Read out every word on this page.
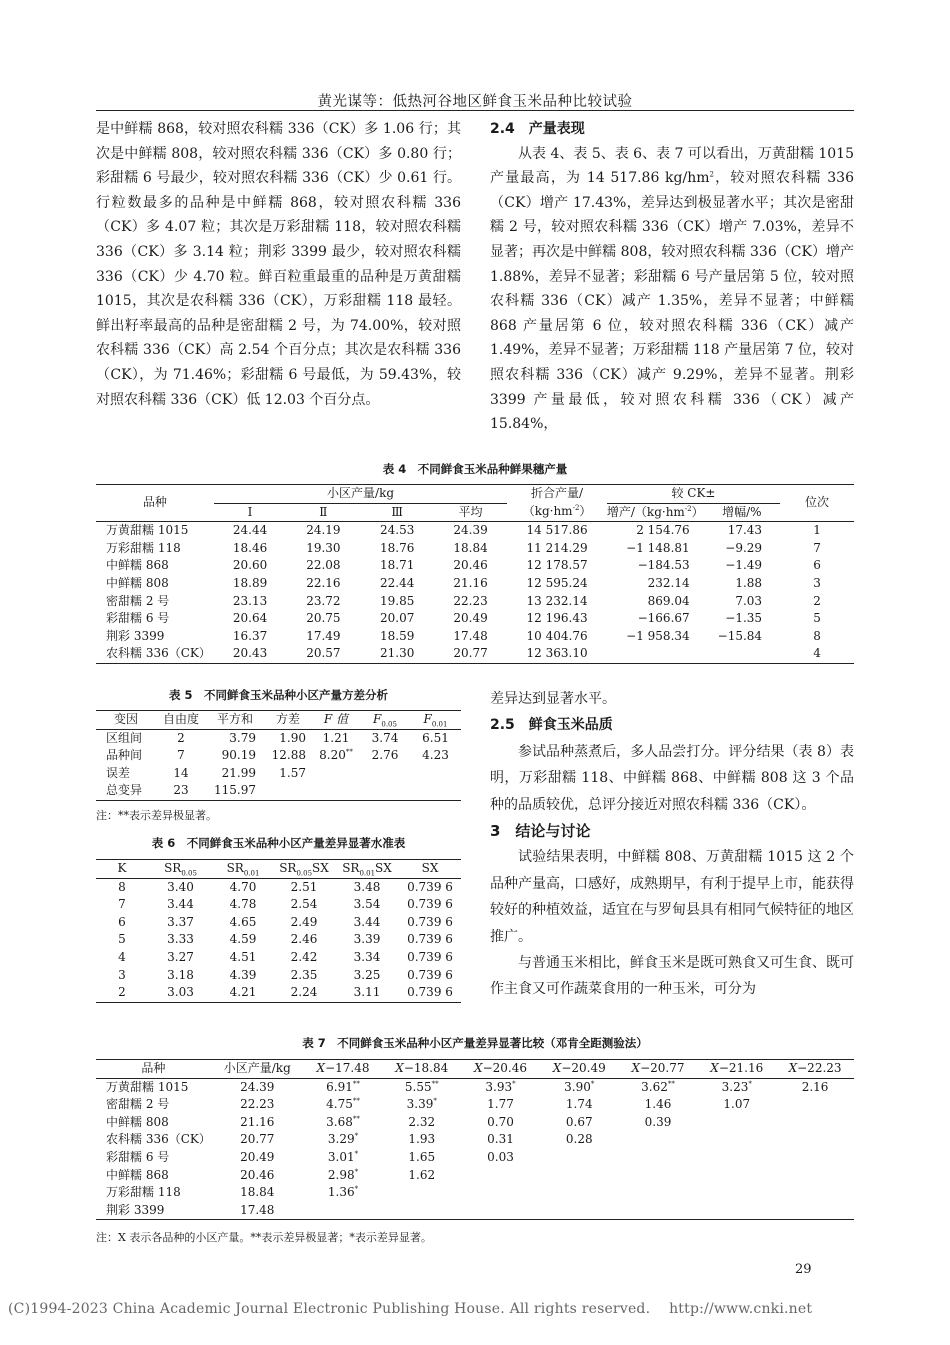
黄光谋等：低热河谷地区鲜食玉米品种比较试验

是中鲜糯 868，较对照农科糯 336（CK）多 1.06 行；其次是中鲜糯 808，较对照农科糯 336（CK）多 0.80 行；彩甜糯 6 号最少，较对照农科糯 336（CK）少 0.61 行。行粒数最多的品种是中鲜糯 868，较对照农科糯 336（CK）多 4.07 粒；其次是万彩甜糯 118，较对照农科糯 336（CK）多 3.14 粒；荆彩 3399 最少，较对照农科糯 336（CK）少 4.70 粒。鲜百粒重最重的品种是万黄甜糯 1015，其次是农科糯 336（CK），万彩甜糯 118 最轻。鲜出籽率最高的品种是密甜糯 2 号，为 74.00%，较对照农科糯 336（CK）高 2.54 个百分点；其次是农科糯 336（CK），为 71.46%；彩甜糯 6 号最低，为 59.43%，较对照农科糯 336（CK）低 12.03 个百分点。

2.4　产量表现

从表 4、表 5、表 6、表 7 可以看出，万黄甜糯 1015 产量最高，为 14 517.86 $kg/hm^2$，较对照农科糯 336（CK）增产 17.43%，差异达到极显著水平；其次是密甜糯 2 号，较对照农科糯 336（CK）增产 7.03%，差异不显著；再次是中鲜糯 808，较对照农科糯 336（CK）增产 1.88%，差异不显著；彩甜糯 6 号产量居第 5 位，较对照农科糯 336（CK）减产 1.35%，差异不显著；中鲜糯 868 产量居第 6 位，较对照农科糯 336（CK）减产 1.49%，差异不显著；万彩甜糯 118 产量居第 7 位，较对照农科糯 336（CK）减产 9.29%，差异不显著。荆彩 3399 产量最低，较对照农科糯 336（CK）减产 15.84%，

表 4　不同鲜食玉米品种鲜果穗产量
品种	小区产量/kg				折合产量/	较 CK±		位次
	Ⅰ	Ⅱ	Ⅲ	平均	$(kg\cdot hm^{-2})$	增产$/(kg\cdot hm^{-2})$	增幅/%	
万黄甜糯 1015	24.44	24.19	24.53	24.39	14 517.86	2 154.76	17.43	1
万彩甜糯 118	18.46	19.30	18.76	18.84	11 214.29	−1 148.81	−9.29	7
中鲜糯 868	20.60	22.08	18.71	20.46	12 178.57	−184.53	−1.49	6
中鲜糯 808	18.89	22.16	22.44	21.16	12 595.24	232.14	1.88	3
密甜糯 2 号	23.13	23.72	19.85	22.23	13 232.14	869.04	7.03	2
彩甜糯 6 号	20.64	20.75	20.07	20.49	12 196.43	−166.67	−1.35	5
荆彩 3399	16.37	17.49	18.59	17.48	10 404.76	−1 958.34	−15.84	8
农科糯 336（CK）	20.43	20.57	21.30	20.77	12 363.10			4
表 5　不同鲜食玉米品种小区产量方差分析
变因	自由度	平方和	方差	F 值	$F_{0.05}$	$F_{0.01}$
区组间	2	3.79	1.90	1.21	3.74	6.51
品种间	7	90.19	12.88	8.20**	2.76	4.23
误差	14	21.99	1.57			
总变异	23	115.97				
注：**表示差异极显著。
表 6　不同鲜食玉米品种小区产量差异显著水准表
K	$SR_{0.05}$	$SR_{0.01}$	$SR_{0.05}SX$	$SR_{0.01}SX$	SX
8	3.40	4.70	2.51	3.48	0.739 6
7	3.44	4.78	2.54	3.54	0.739 6
6	3.37	4.65	2.49	3.44	0.739 6
5	3.33	4.59	2.46	3.39	0.739 6
4	3.27	4.51	2.42	3.34	0.739 6
3	3.18	4.39	2.35	3.25	0.739 6
2	3.03	4.21	2.24	3.11	0.739 6

差异达到显著水平。

2.5　鲜食玉米品质

参试品种蒸煮后，多人品尝打分。评分结果（表 8）表明，万彩甜糯 118、中鲜糯 868、中鲜糯 808 这 3 个品种的品质较优，总评分接近对照农科糯 336（CK）。

3　结论与讨论

试验结果表明，中鲜糯 808、万黄甜糯 1015 这 2 个品种产量高，口感好，成熟期早，有利于提早上市，能获得较好的种植效益，适宜在与罗甸县具有相同气候特征的地区推广。

与普通玉米相比，鲜食玉米是既可熟食又可生食、既可作主食又可作蔬菜食用的一种玉米，可分为

表 7　不同鲜食玉米品种小区产量差异显著比较（邓肯全距测验法）
品种	小区产量/kg	X−17.48	X−18.84	X−20.46	X−20.49	X−20.77	X−21.16	X−22.23
万黄甜糯 1015	24.39	6.91**	5.55**	3.93*	3.90*	3.62**	3.23*	2.16
密甜糯 2 号	22.23	4.75**	3.39*	1.77	1.74	1.46	1.07	
中鲜糯 808	21.16	3.68**	2.32	0.70	0.67	0.39		
农科糯 336（CK）	20.77	3.29*	1.93	0.31	0.28			
彩甜糯 6 号	20.49	3.01*	1.65	0.03				
中鲜糯 868	20.46	2.98*	1.62					
万彩甜糯 118	18.84	1.36*						
荆彩 3399	17.48							
注：X 表示各品种的小区产量。**表示差异极显著；*表示差异显著。
29
(C)1994-2023 China Academic Journal Electronic Publishing House. All rights reserved.　 http://www.cnki.net
